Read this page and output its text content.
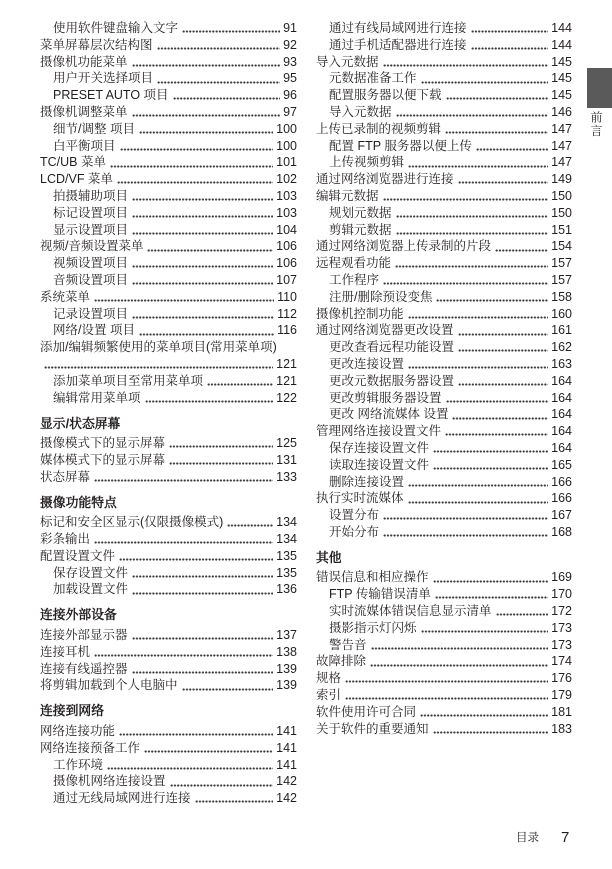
使用软件键盘输入文字	91
菜单屏幕层次结构图	92
摄像机功能菜单	93
用户开关选择项目	95
PRESET AUTO 项目	96
摄像机调整菜单	97
细节/调整 项目	100
白平衡项目	100
TC/UB 菜单	101
LCD/VF 菜单	102
拍摄辅助项目	103
标记设置项目	103
显示设置项目	104
视频/音频设置菜单	106
视频设置项目	106
音频设置项目	107
系统菜单	110
记录设置项目	112
网络/设置 项目	116
添加/编辑频繁使用的菜单项目(常用菜单项)
121
添加菜单项目至常用菜单项	121
编辑常用菜单项	122
显示/状态屏幕
摄像模式下的显示屏幕	125
媒体模式下的显示屏幕	131
状态屏幕	133
摄像功能特点
标记和安全区显示(仅限摄像模式)	134
彩条输出	134
配置设置文件	135
保存设置文件	135
加载设置文件	136
连接外部设备
连接外部显示器	137
连接耳机	138
连接有线遥控器	139
将剪辑加载到个人电脑中	139
连接到网络
网络连接功能	141
网络连接预备工作	141
工作环境	141
摄像机网络连接设置	142
通过无线局域网进行连接	142
通过有线局域网进行连接	144
通过手机适配器进行连接	144
导入元数据	145
元数据准备工作	145
配置服务器以便下载	145
导入元数据	146
上传已录制的视频剪辑	147
配置 FTP 服务器以便上传	147
上传视频剪辑	147
通过网络浏览器进行连接	149
编辑元数据	150
规划元数据	150
剪辑元数据	151
通过网络浏览器上传录制的片段	154
远程观看功能	157
工作程序	157
注册/删除预设变焦	158
摄像机控制功能	160
通过网络浏览器更改设置	161
更改查看远程功能设置	162
更改连接设置	163
更改元数据服务器设置	164
更改剪辑服务器设置	164
更改 网络流媒体 设置	164
管理网络连接设置文件	164
保存连接设置文件	164
读取连接设置文件	165
删除连接设置	166
执行实时流媒体	166
设置分布	167
开始分布	168
其他
错误信息和相应操作	169
FTP 传输错误清单	170
实时流媒体错误信息显示清单	172
摄影指示灯闪烁	173
警告音	173
故障排除	174
规格	176
索引	179
软件使用许可合同	181
关于软件的重要通知	183
前言
目录 7
